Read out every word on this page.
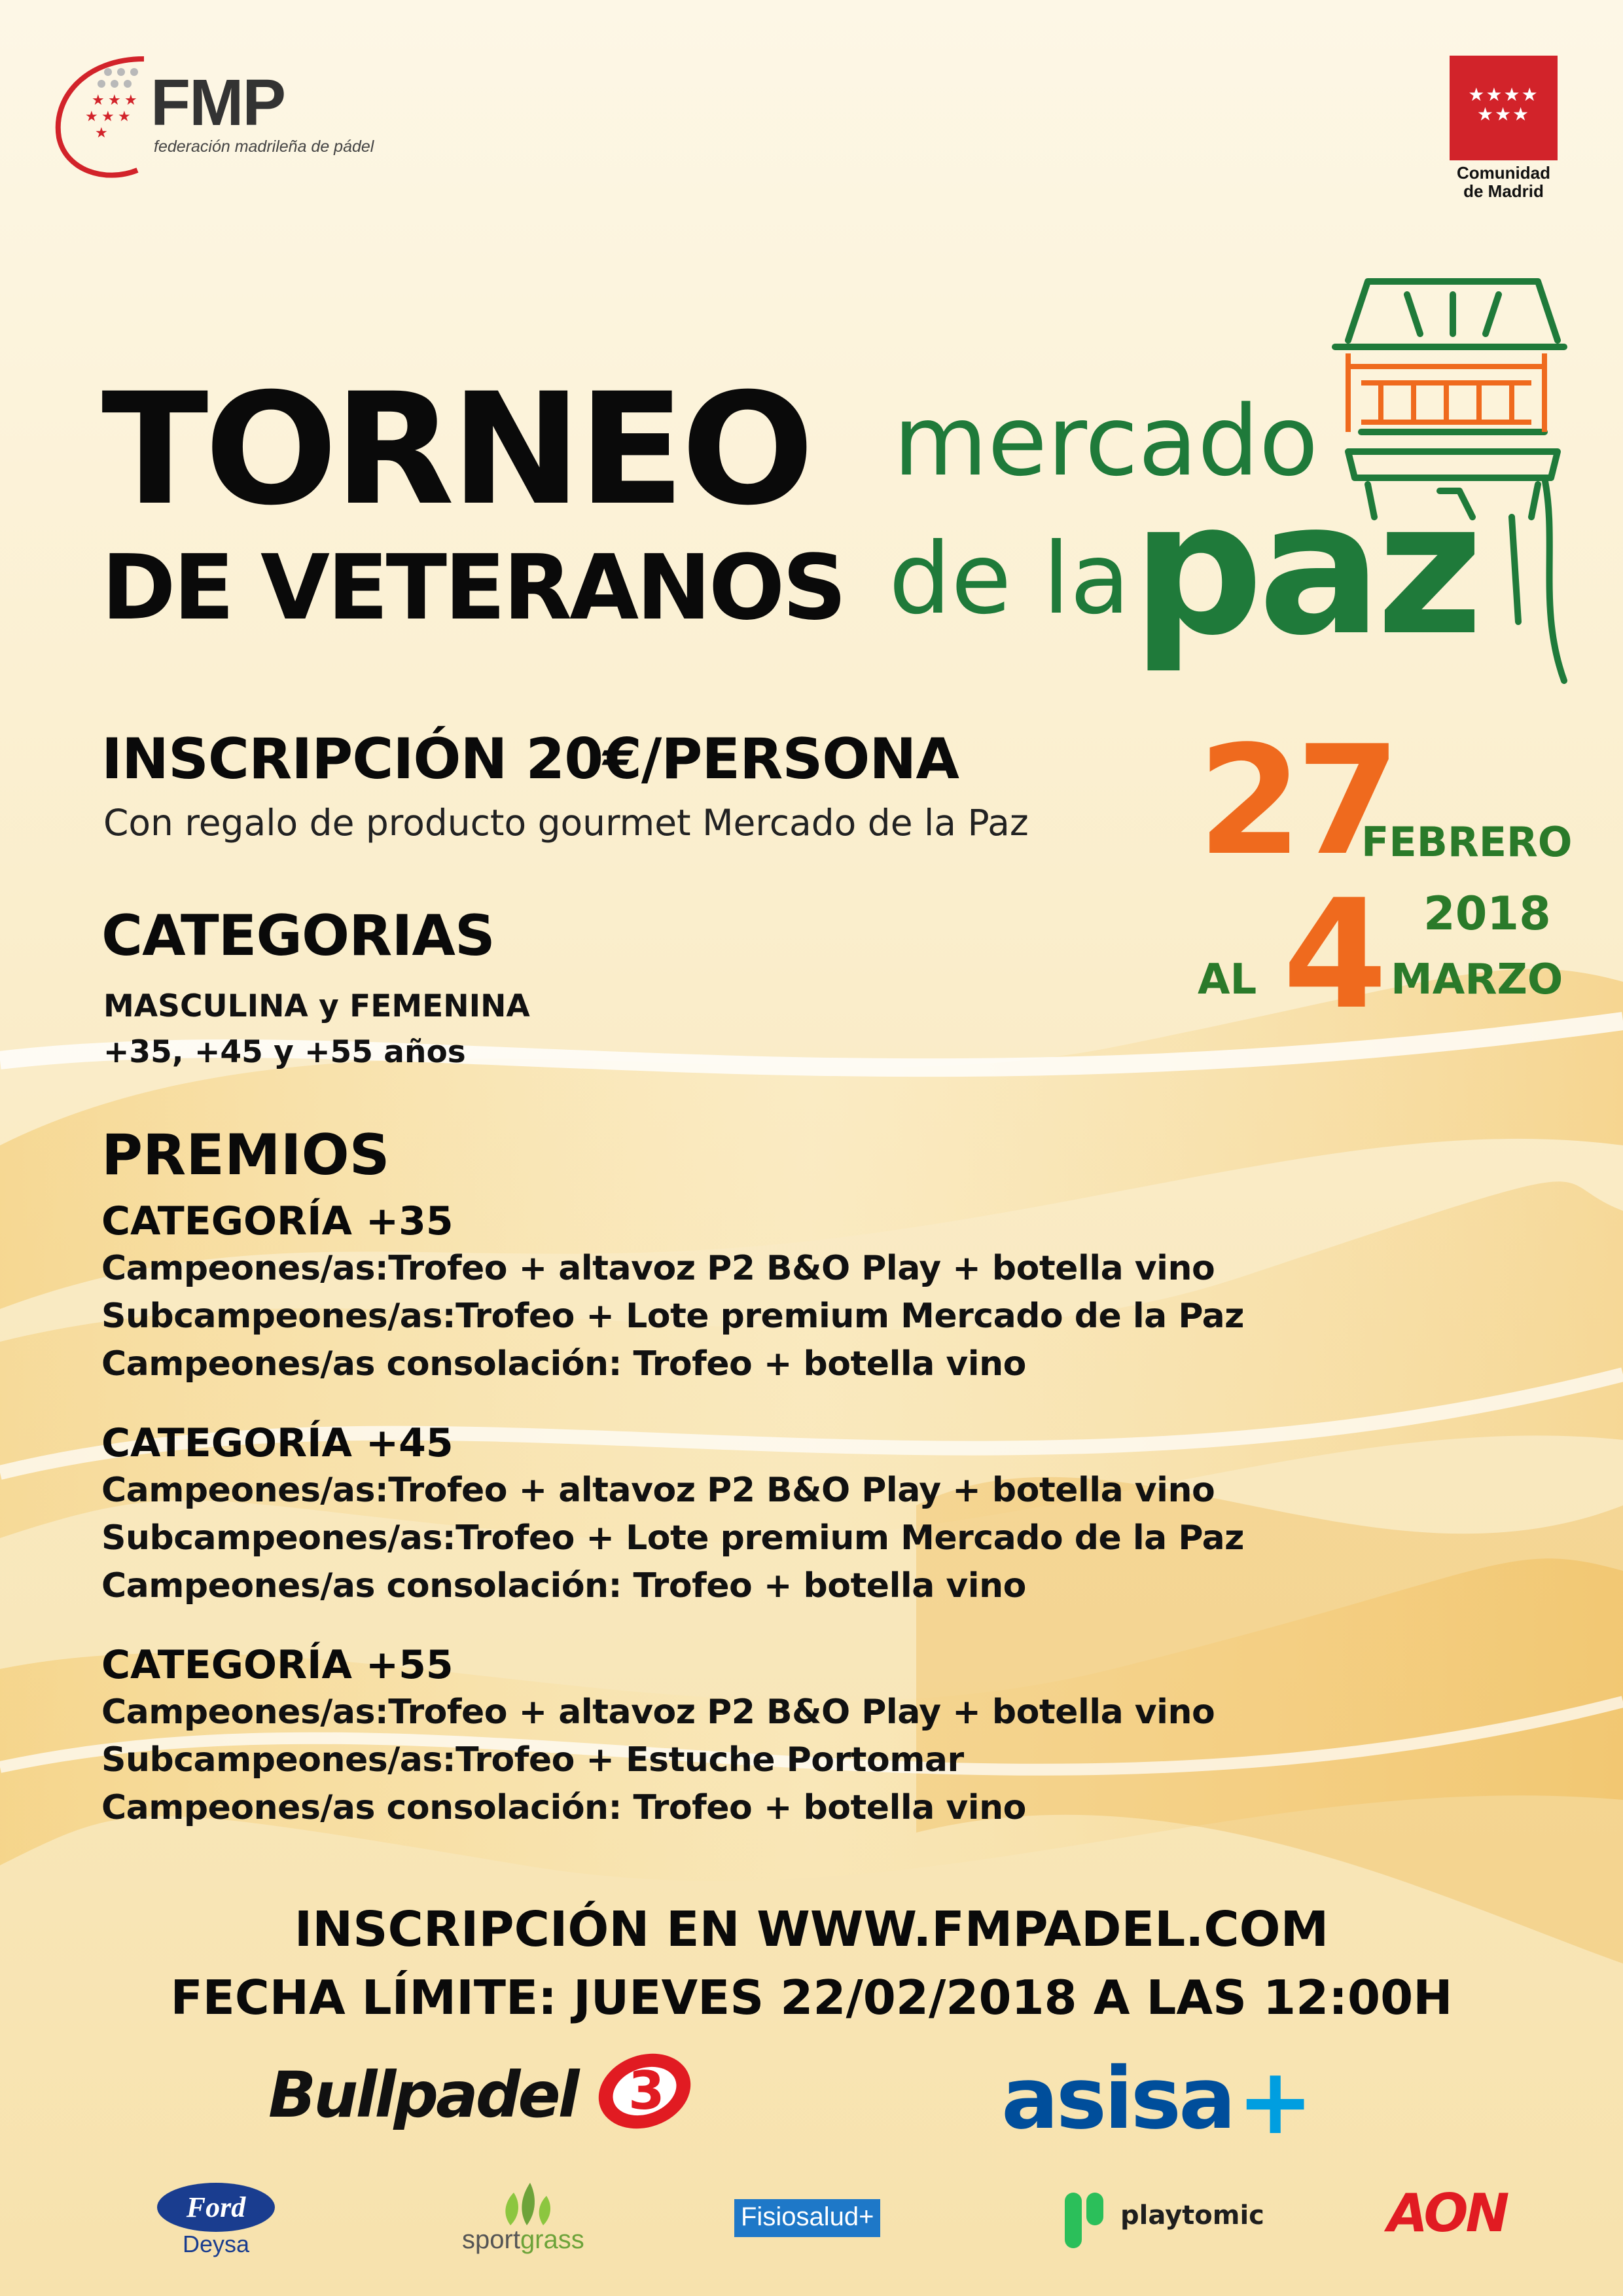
★ ★ ★
★ ★ ★
★ FMP
federación madrileña de pádel
★★★★
★★★
Comunidad
de Madrid
TORNEO
DE VETERANOS
mercado
de la paz
INSCRIPCIÓN 20€/PERSONA
Con regalo de producto gourmet Mercado de la Paz 27
FEBRERO
2018
AL 4 MARZO
CATEGORIAS
MASCULINA y FEMENINA
+35, +45 y +55 años
PREMIOS
CATEGORÍA +35
Campeones/as:Trofeo + altavoz P2 B&O Play + botella vino
Subcampeones/as:Trofeo + Lote premium Mercado de la Paz
Campeones/as consolación: Trofeo + botella vino
CATEGORÍA +45
Campeones/as:Trofeo + altavoz P2 B&O Play + botella vino
Subcampeones/as:Trofeo + Lote premium Mercado de la Paz
Campeones/as consolación: Trofeo + botella vino
CATEGORÍA +55
Campeones/as:Trofeo + altavoz P2 B&O Play + botella vino
Subcampeones/as:Trofeo + Estuche Portomar
Campeones/as consolación: Trofeo + botella vino
INSCRIPCIÓN EN WWW.FMPADEL.COM
FECHA LÍMITE: JUEVES 22/02/2018 A LAS 12:00H
Bullpadel 3	asisa +
Ford
Deysa	sportgrass
Fisiosalud+	playtomic AON
